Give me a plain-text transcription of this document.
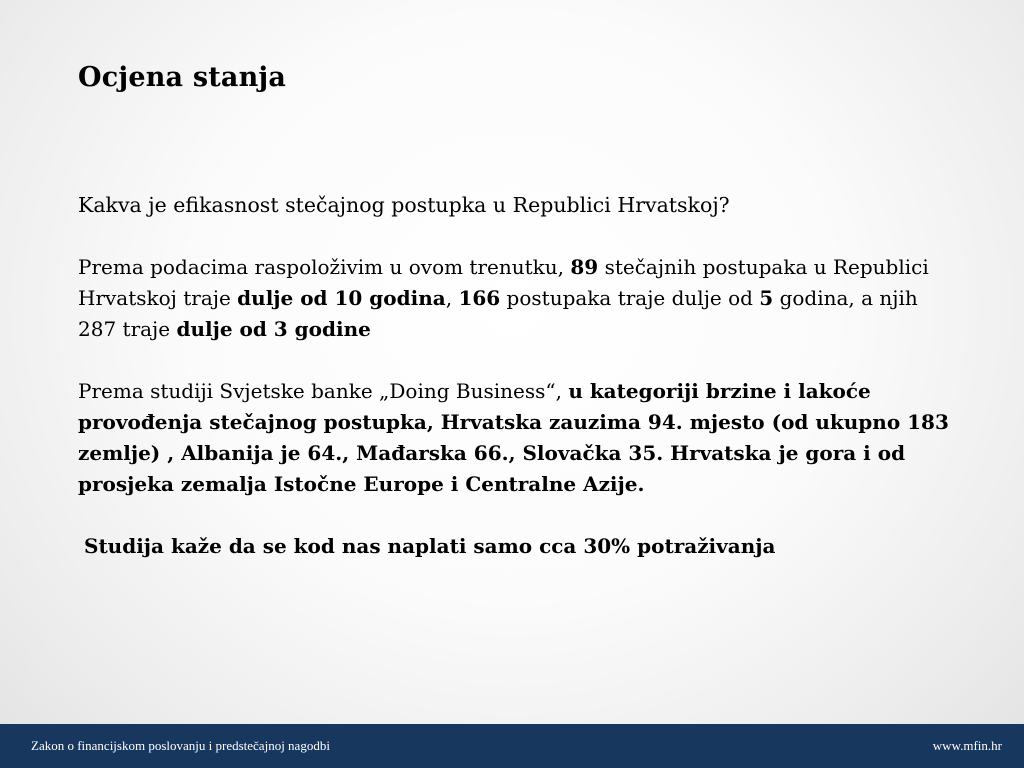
Ocjena stanja

Kakva je efikasnost stečajnog postupka u Republici Hrvatskoj?

Prema podacima raspoloživim u ovom trenutku, 89 stečajnih postupaka u Republici Hrvatskoj traje dulje od 10 godina, 166 postupaka traje dulje od 5 godina, a njih 287 traje dulje od 3 godine

Prema studiji Svjetske banke „Doing Business“, u kategoriji brzine i lakoće provođenja stečajnog postupka, Hrvatska zauzima 94. mjesto (od ukupno 183 zemlje) , Albanija je 64., Mađarska 66., Slovačka 35. Hrvatska je gora i od prosjeka zemalja Istočne Europe i Centralne Azije.

Studija kaže da se kod nas naplati samo cca 30% potraživanja

Zakon o financijskom poslovanju i predstečajnoj nagodbi	www.mfin.hr
